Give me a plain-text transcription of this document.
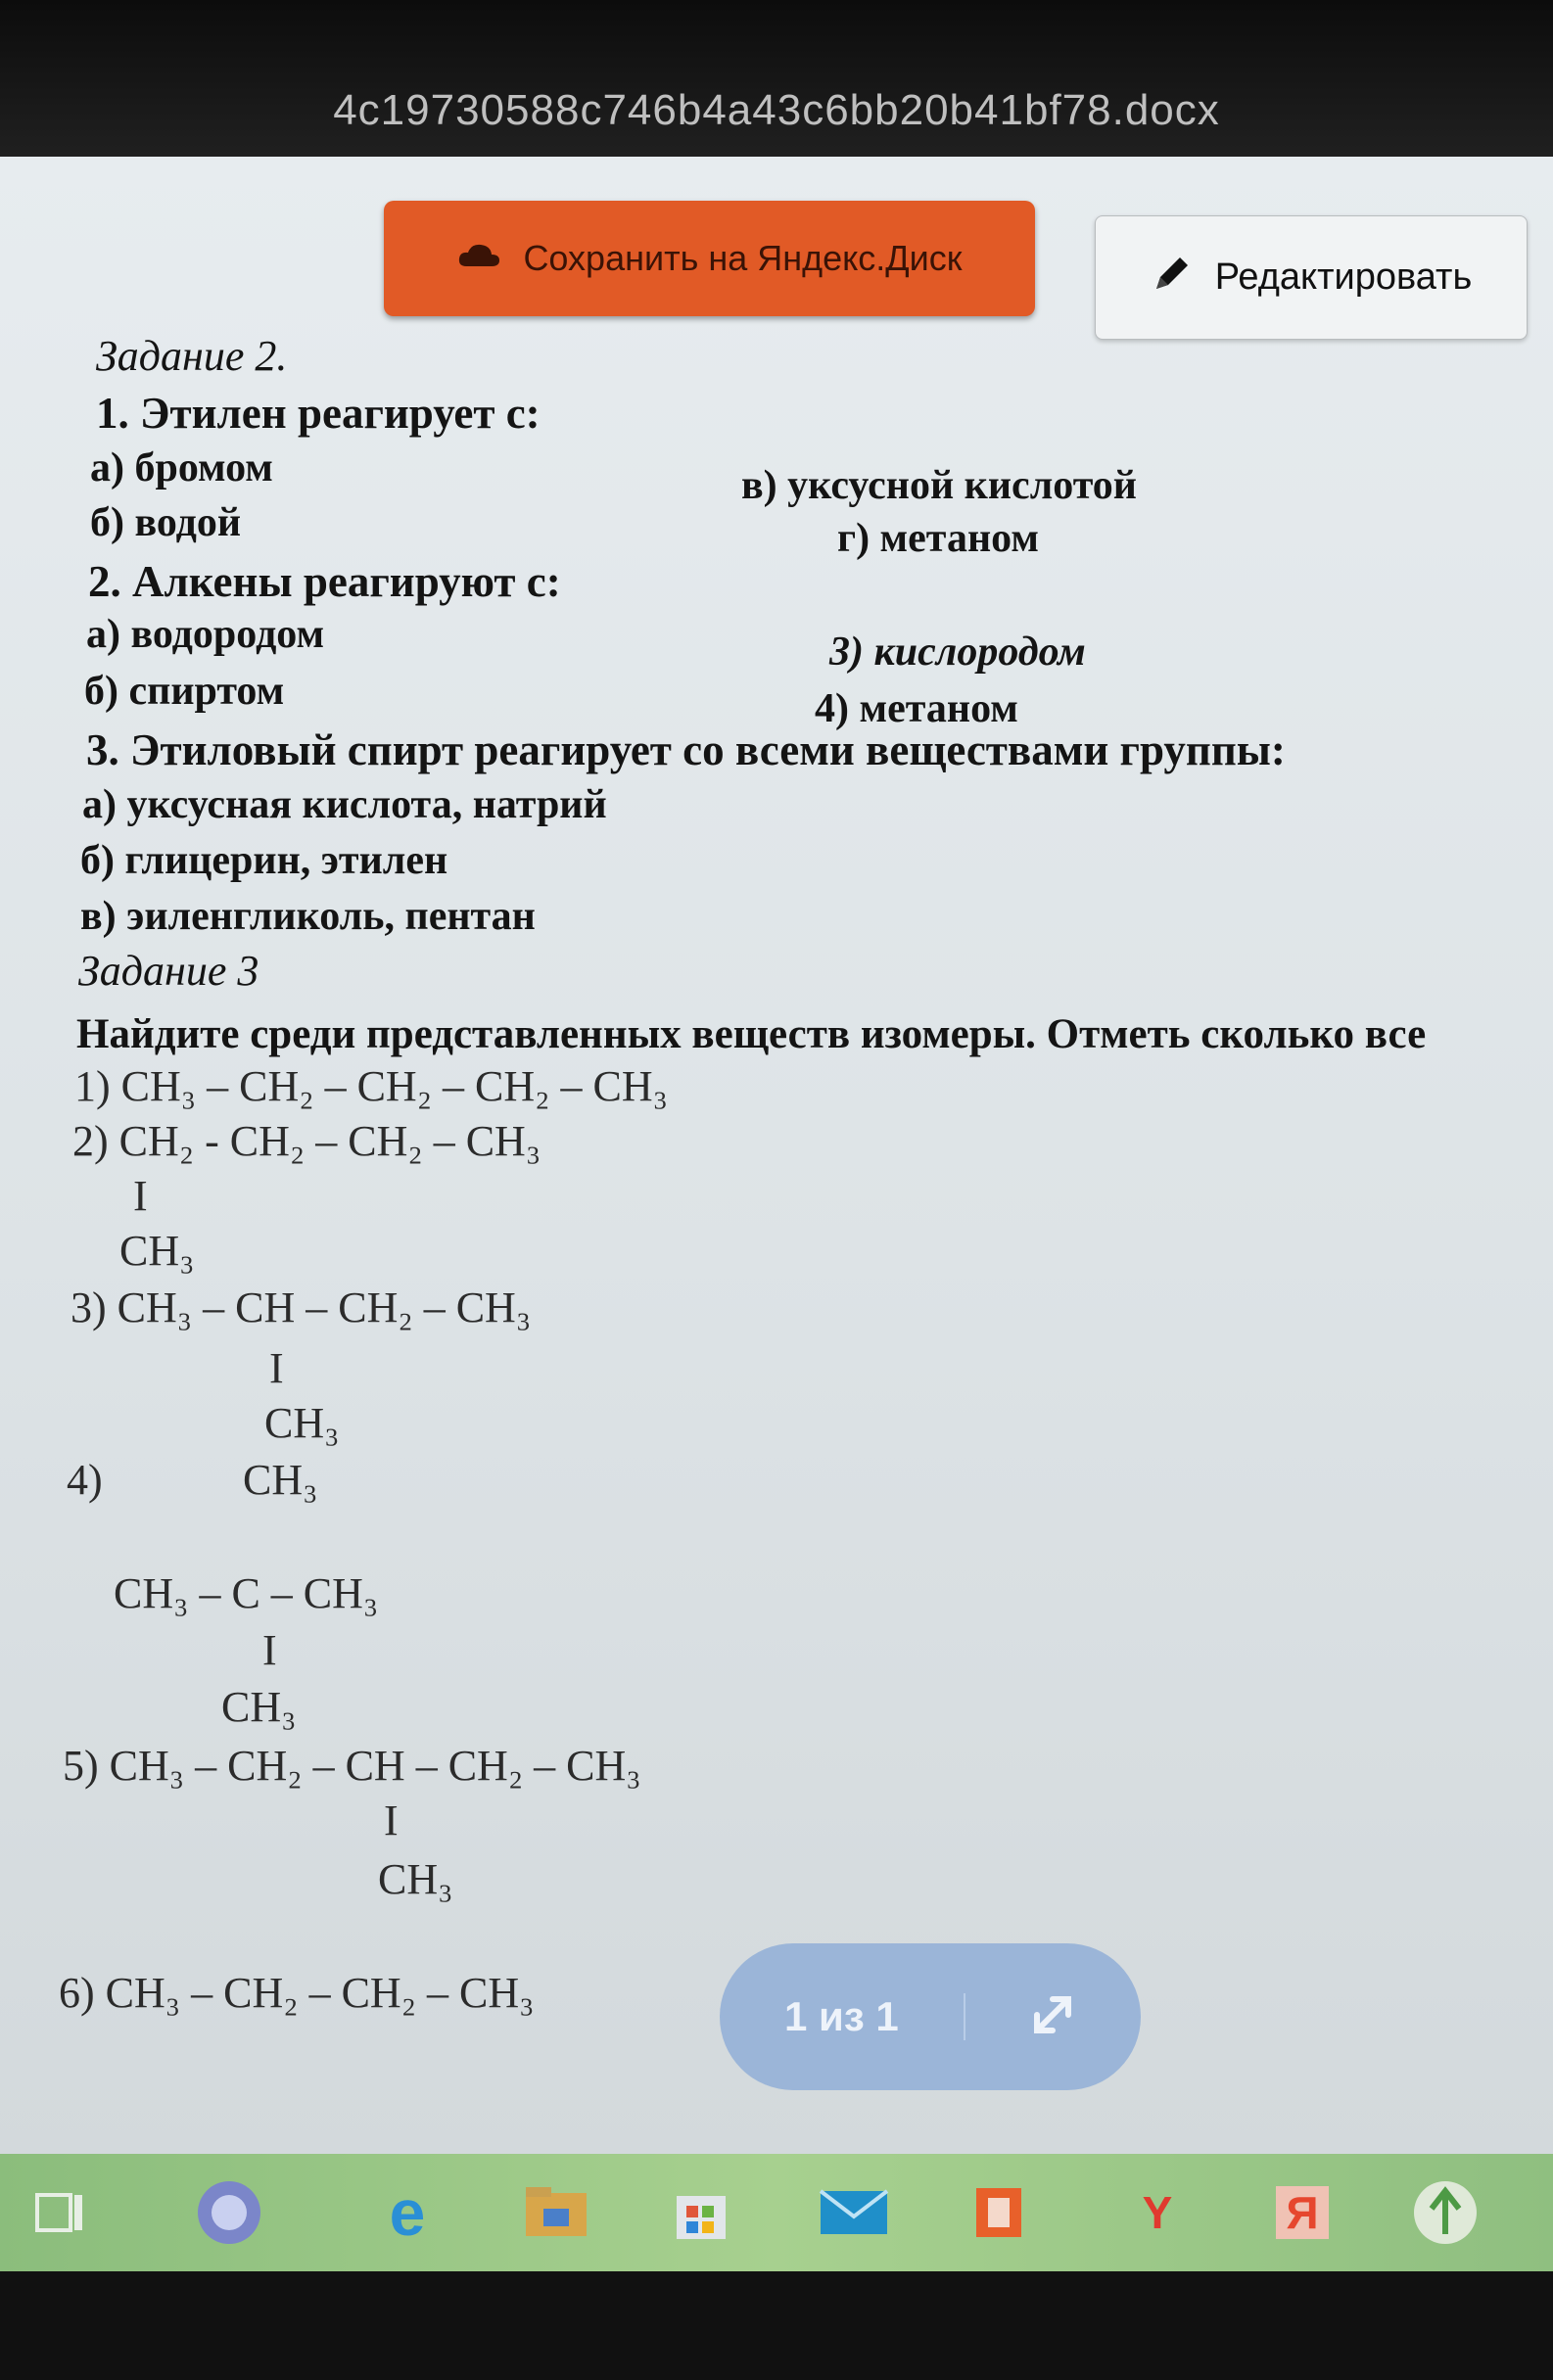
4c19730588c746b4a43c6bb20b41bf78.docx
Сохранить на Яндекс.Диск	Редактировать
Задание 2.
1. Этилен реагирует с:
а) бромом	в) уксусной кислотой
б) водой	г) метаном
2. Алкены реагируют с:
а) водородом	3) кислородом
б) спиртом	4) метаном
3. Этиловый спирт реагирует со всеми веществами группы:
а) уксусная кислота, натрий
б) глицерин, этилен
в) эиленгликоль, пентан
Задание 3
Найдите среди представленных веществ изомеры. Отметь сколько все
1) CH₃ – CH₂ – CH₂ – CH₂ – CH₃
2) CH₂ - CH₂ – CH₂ – CH₃
I
CH₃
3) CH₃ – CH – CH₂ – CH₃
I
CH₃
4)	CH₃
CH₃ – C – CH₃
I
CH₃
5) CH₃ – CH₂ – CH – CH₂ – CH₃
I
CH₃
6) CH₃ – CH₂ – CH₂ – CH₃	1 из 1
e	Y	Я
